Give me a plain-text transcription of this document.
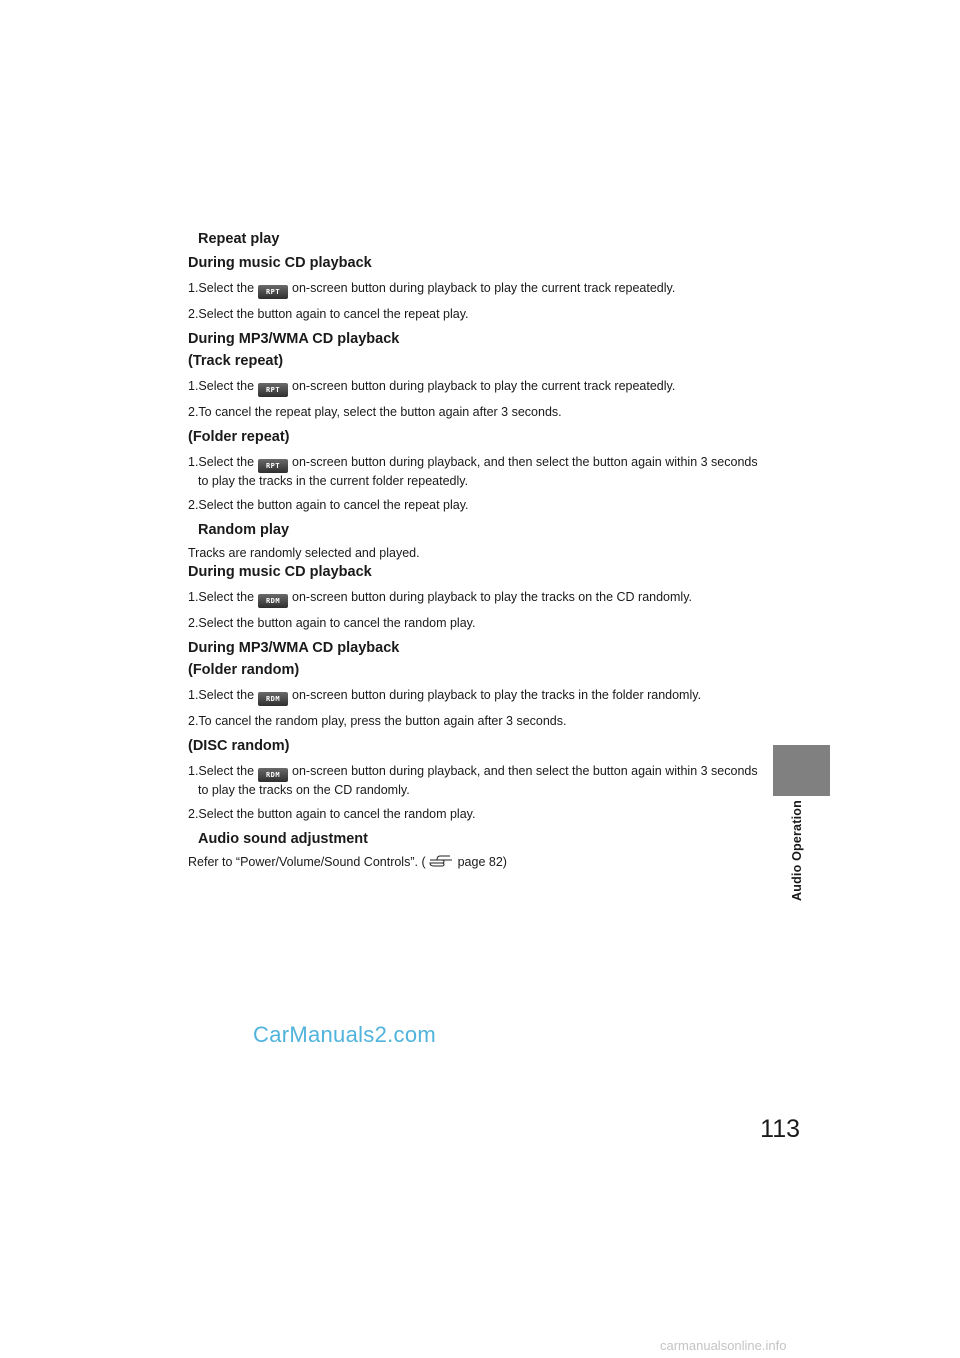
Repeat play
During music CD playback

1.Select the RPT on-screen button during playback to play the current track repeatedly.

2.Select the button again to cancel the repeat play.

During MP3/WMA CD playback
(Track repeat)

1.Select the RPT on-screen button during playback to play the current track repeatedly.

2.To cancel the repeat play, select the button again after 3 seconds.

(Folder repeat)

1.Select the RPT on-screen button during playback, and then select the button again within 3 seconds to play the tracks in the current folder repeatedly.

2.Select the button again to cancel the repeat play.

Random play

Tracks are randomly selected and played.

During music CD playback

1.Select the RDM on-screen button during playback to play the tracks on the CD randomly.

2.Select the button again to cancel the random play.

During MP3/WMA CD playback
(Folder random)

1.Select the RDM on-screen button during playback to play the tracks in the folder randomly.

2.To cancel the random play, press the button again after 3 seconds.

(DISC random)

1.Select the RDM on-screen button during playback, and then select the button again within 3 seconds to play the tracks on the CD randomly.

2.Select the button again to cancel the random play.

Audio sound adjustment

Refer to “Power/Volume/Sound Controls”. (	page 82)	Audio Operation
113
CarManuals2.com
carmanualsonline.info
